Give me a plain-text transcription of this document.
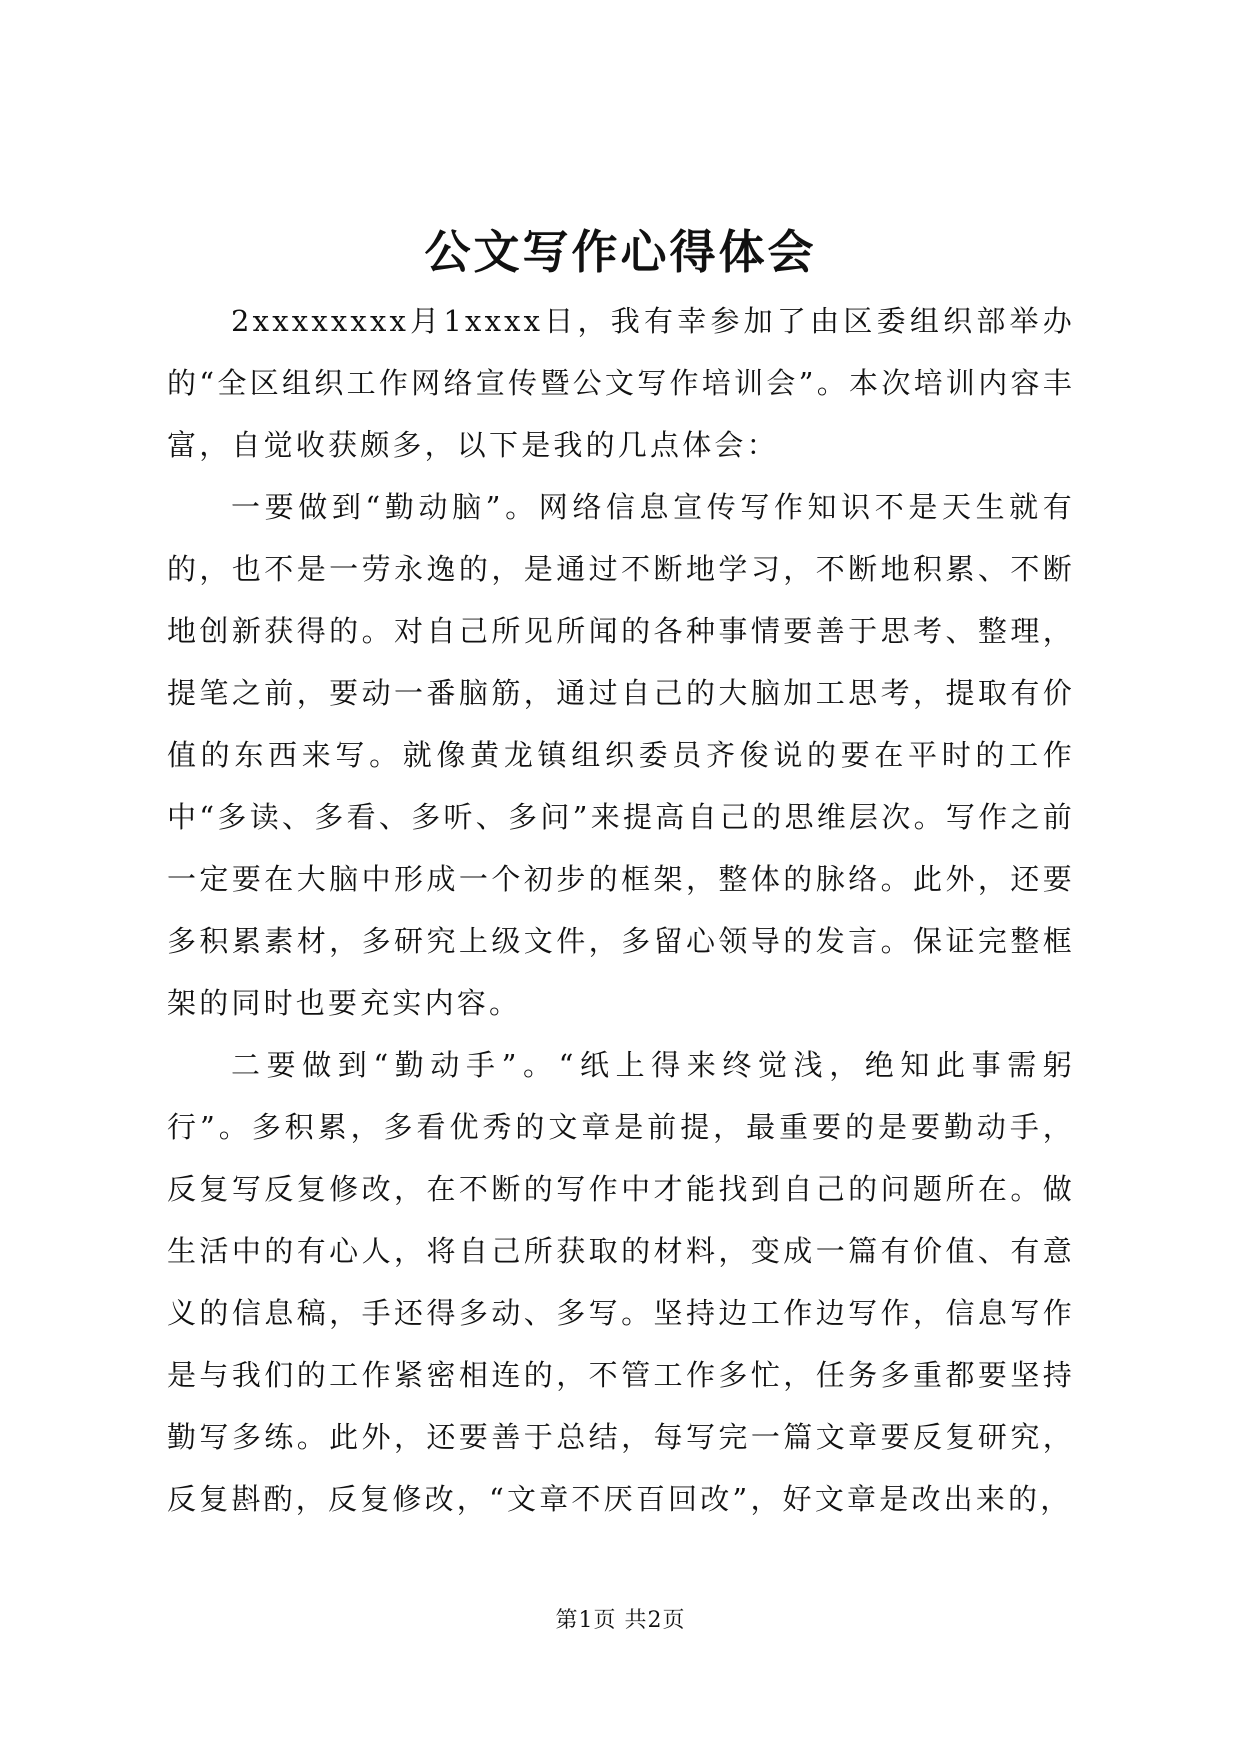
公文写作心得体会

2xxxxxxxx月1xxxx日，我有幸参加了由区委组织部举办的“全区组织工作网络宣传暨公文写作培训会”。本次培训内容丰富，自觉收获颇多，以下是我的几点体会：

一要做到“勤动脑”。网络信息宣传写作知识不是天生就有的，也不是一劳永逸的，是通过不断地学习，不断地积累、不断地创新获得的。对自己所见所闻的各种事情要善于思考、整理，提笔之前，要动一番脑筋，通过自己的大脑加工思考，提取有价值的东西来写。就像黄龙镇组织委员齐俊说的要在平时的工作中“多读、多看、多听、多问”来提高自己的思维层次。写作之前一定要在大脑中形成一个初步的框架，整体的脉络。此外，还要多积累素材，多研究上级文件，多留心领导的发言。保证完整框架的同时也要充实内容。

二要做到“勤动手”。“纸上得来终觉浅，绝知此事需躬行”。多积累，多看优秀的文章是前提，最重要的是要勤动手，反复写反复修改，在不断的写作中才能找到自己的问题所在。做生活中的有心人，将自己所获取的材料，变成一篇有价值、有意义的信息稿，手还得多动、多写。坚持边工作边写作，信息写作是与我们的工作紧密相连的，不管工作多忙，任务多重都要坚持勤写多练。此外，还要善于总结，每写完一篇文章要反复研究，反复斟酌，反复修改，“文章不厌百回改”，好文章是改出来的，

第1页 共2页
